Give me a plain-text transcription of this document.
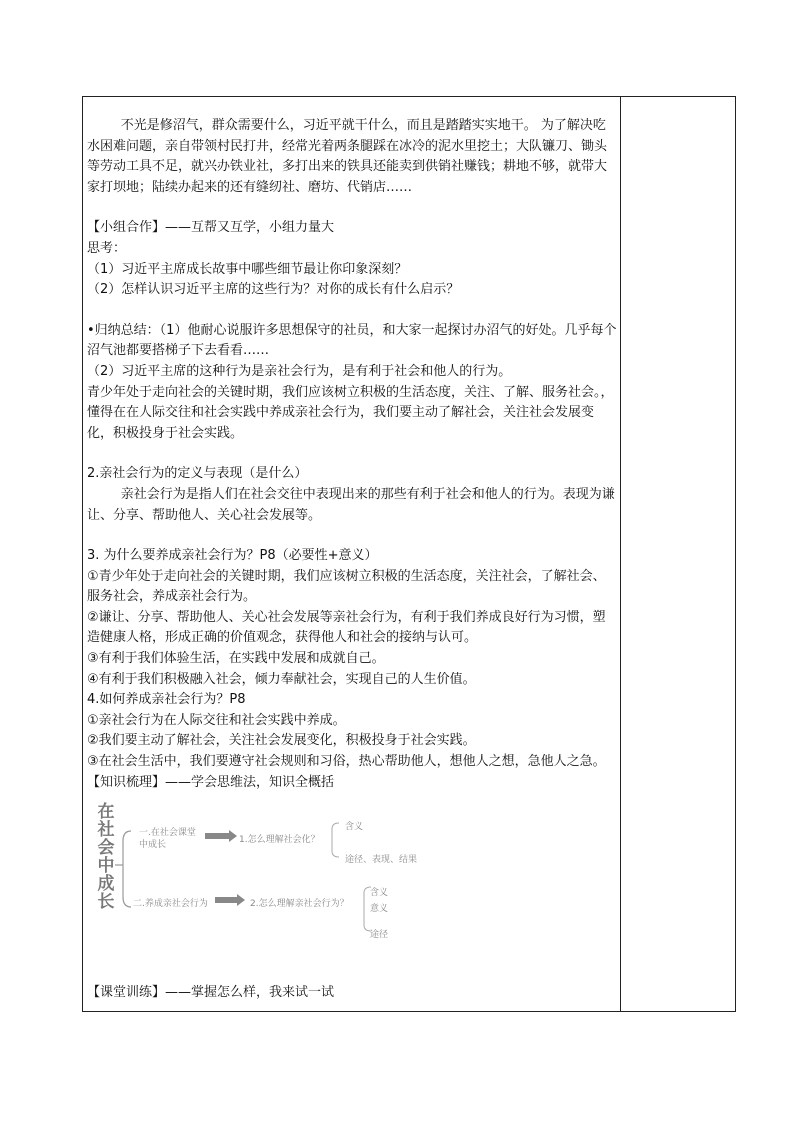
不光是修沼气，群众需要什么，习近平就干什么，而且是踏踏实实地干。 为了解决吃水困难问题，亲自带领村民打井，经常光着两条腿踩在冰冷的泥水里挖土；大队镰刀、锄头等劳动工具不足，就兴办铁业社，多打出来的铁具还能卖到供销社赚钱；耕地不够，就带大家打坝地；陆续办起来的还有缝纫社、磨坊、代销店……

【小组合作】——互帮又互学，小组力量大

思考：

（1）习近平主席成长故事中哪些细节最让你印象深刻？

（2）怎样认识习近平主席的这些行为？对你的成长有什么启示？

•归纳总结：（1）他耐心说服许多思想保守的社员，和大家一起探讨办沼气的好处。几乎每个沼气池都要搭梯子下去看看……

（2）习近平主席的这种行为是亲社会行为，是有利于社会和他人的行为。

青少年处于走向社会的关键时期，我们应该树立积极的生活态度，关注、了解、服务社会。，懂得在在人际交往和社会实践中养成亲社会行为，我们要主动了解社会，关注社会发展变化，积极投身于社会实践。

2.亲社会行为的定义与表现（是什么）

亲社会行为是指人们在社会交往中表现出来的那些有利于社会和他人的行为。表现为谦让、分享、帮助他人、关心社会发展等。

3. 为什么要养成亲社会行为？P8（必要性+意义）

①青少年处于走向社会的关键时期，我们应该树立积极的生活态度，关注社会，了解社会、服务社会，养成亲社会行为。

②谦让、分享、帮助他人、关心社会发展等亲社会行为，有利于我们养成良好行为习惯，塑造健康人格，形成正确的价值观念，获得他人和社会的接纳与认可。

③有利于我们体验生活，在实践中发展和成就自己。

④有利于我们积极融入社会，倾力奉献社会，实现自己的人生价值。

4.如何养成亲社会行为？P8

①亲社会行为在人际交往和社会实践中养成。

②我们要主动了解社会，关注社会发展变化，积极投身于社会实践。

③在社会生活中，我们要遵守社会规则和习俗，热心帮助他人，想他人之想，急他人之急。

【知识梳理】——学会思维法，知识全概括

在
社
会
中
成
长
一.在社会课堂
中成长	1.怎么理解社会化？
含义
途径、表现、结果
二.养成亲社会行为	2.怎么理解亲社会行为？
含义
意义
途径

【课堂训练】——掌握怎么样，我来试一试
